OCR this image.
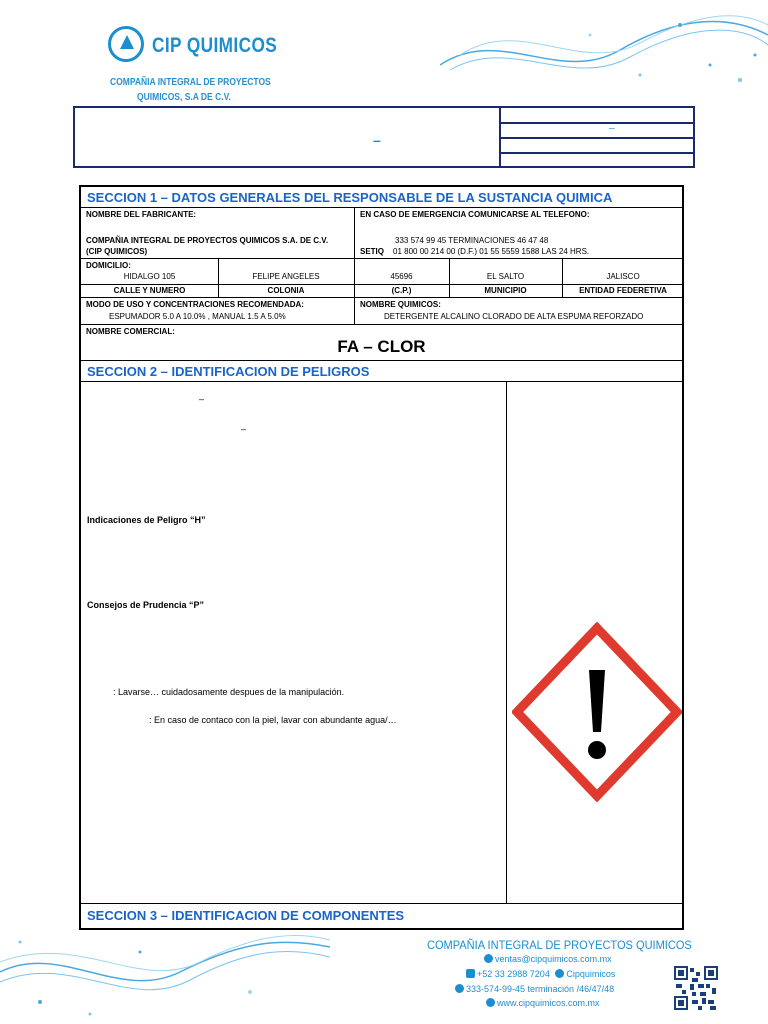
CIP QUIMICOS
COMPAÑIA INTEGRAL DE PROYECTOS
QUIMICOS, S.A DE C.V.
–
–
SECCION 1 – DATOS GENERALES DEL RESPONSABLE DE LA SUSTANCIA QUIMICA
NOMBRE DEL FABRICANTE:
COMPAÑIA INTEGRAL DE PROYECTOS QUIMICOS S.A. DE C.V.
(CIP QUIMICOS)
EN CASO DE EMERGENCIA COMUNICARSE AL TELEFONO:
333 574 99 45 TERMINACIONES 46 47 48
SETIQ 01 800 00 214 00 (D.F.) 01 55 5559 1588 LAS 24 HRS.
DOMICILIO:
HIDALGO 105	FELIPE ANGELES	45696	EL SALTO	JALISCO
CALLE Y NUMERO	COLONIA	(C.P.)	MUNICIPIO	ENTIDAD FEDERETIVA
MODO DE USO Y CONCENTRACIONES RECOMENDADA:
ESPUMADOR 5.0 A 10.0% , MANUAL 1.5 A 5.0%
NOMBRE QUIMICOS:
DETERGENTE ALCALINO CLORADO DE ALTA ESPUMA REFORZADO
NOMBRE COMERCIAL:
FA – CLOR
SECCION 2 – IDENTIFICACION DE PELIGROS
–
–
Indicaciones de Peligro “H”
Consejos de Prudencia “P”
: Lavarse… cuidadosamente despues de la manipulación.
: En caso de contaco con la piel, lavar con abundante agua/…
SECCION 3 – IDENTIFICACION DE COMPONENTES
COMPAÑIA INTEGRAL DE PROYECTOS QUIMICOS
ventas@cipquimicos.com.mx
+52 33 2988 7204 Cipquimicos
333-574-99-45 terminación /46/47/48
www.cipquimicos.com.mx
